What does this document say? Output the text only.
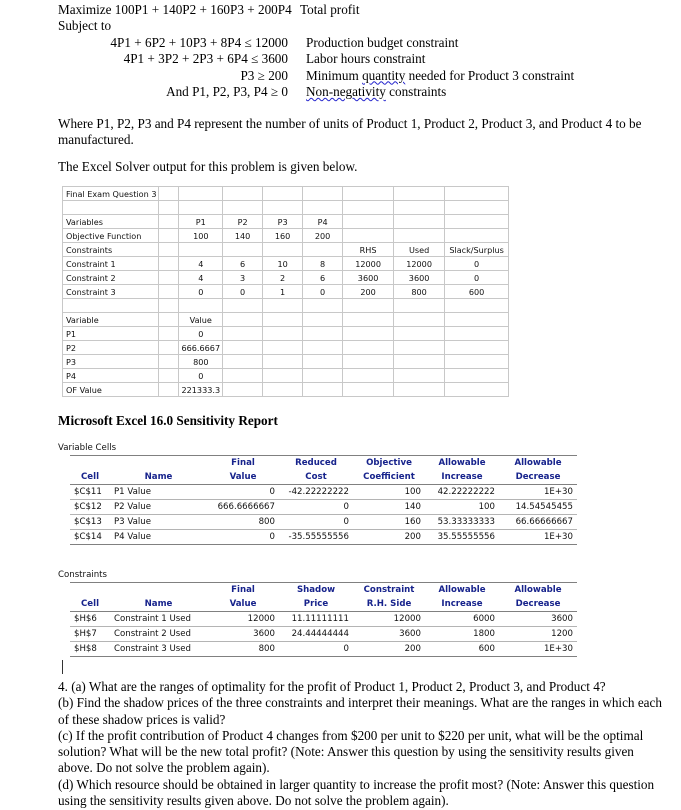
Maximize 100P1 + 140P2 + 160P3 + 200P4 Total profit
Subject to
4P1 + 6P2 + 10P3 + 8P4 ≤ 12000	Production budget constraint
4P1 + 3P2 + 2P3 + 6P4 ≤ 3600	Labor hours constraint
P3 ≥ 200	Minimum quantity needed for Product 3 constraint
And P1, P2, P3, P4 ≥ 0	Non-negativity constraints
Where P1, P2, P3 and P4 represent the number of units of Product 1, Product 2, Product 3, and Product 4 to be manufactured.
The Excel Solver output for this problem is given below.
Final Exam Question 3								

Variables		P1	P2	P3	P4			
Objective Function		100	140	160	200			
Constraints						RHS	Used	Slack/Surplus
Constraint 1		4	6	10	8	12000	12000	0
Constraint 2		4	3	2	6	3600	3600	0
Constraint 3		0	0	1	0	200	800	600

Variable		Value						
P1		0						
P2		666.6667						
P3		800						
P4		0						
OF Value		221333.3						
Microsoft Excel 16.0 Sensitivity Report
Variable Cells
		Final	Reduced	Objective	Allowable	Allowable
Cell	Name	Value	Cost	Coefficient	Increase	Decrease
$C$11	P1 Value	0	-42.22222222	100	42.22222222	1E+30
$C$12	P2 Value	666.6666667	0	140	100	14.54545455
$C$13	P3 Value	800	0	160	53.33333333	66.66666667
$C$14	P4 Value	0	-35.55555556	200	35.55555556	1E+30
Constraints
		Final	Shadow	Constraint	Allowable	Allowable
Cell	Name	Value	Price	R.H. Side	Increase	Decrease
$H$6	Constraint 1 Used	12000	11.11111111	12000	6000	3600
$H$7	Constraint 2 Used	3600	24.44444444	3600	1800	1200
$H$8	Constraint 3 Used	800	0	200	600	1E+30

4. (a) What are the ranges of optimality for the profit of Product 1, Product 2, Product 3, and Product 4?

(b) Find the shadow prices of the three constraints and interpret their meanings. What are the ranges in which each of these shadow prices is valid?

(c) If the profit contribution of Product 4 changes from $200 per unit to $220 per unit, what will be the optimal solution? What will be the new total profit? (Note: Answer this question by using the sensitivity results given above. Do not solve the problem again).

(d) Which resource should be obtained in larger quantity to increase the profit most? (Note: Answer this question using the sensitivity results given above. Do not solve the problem again).
